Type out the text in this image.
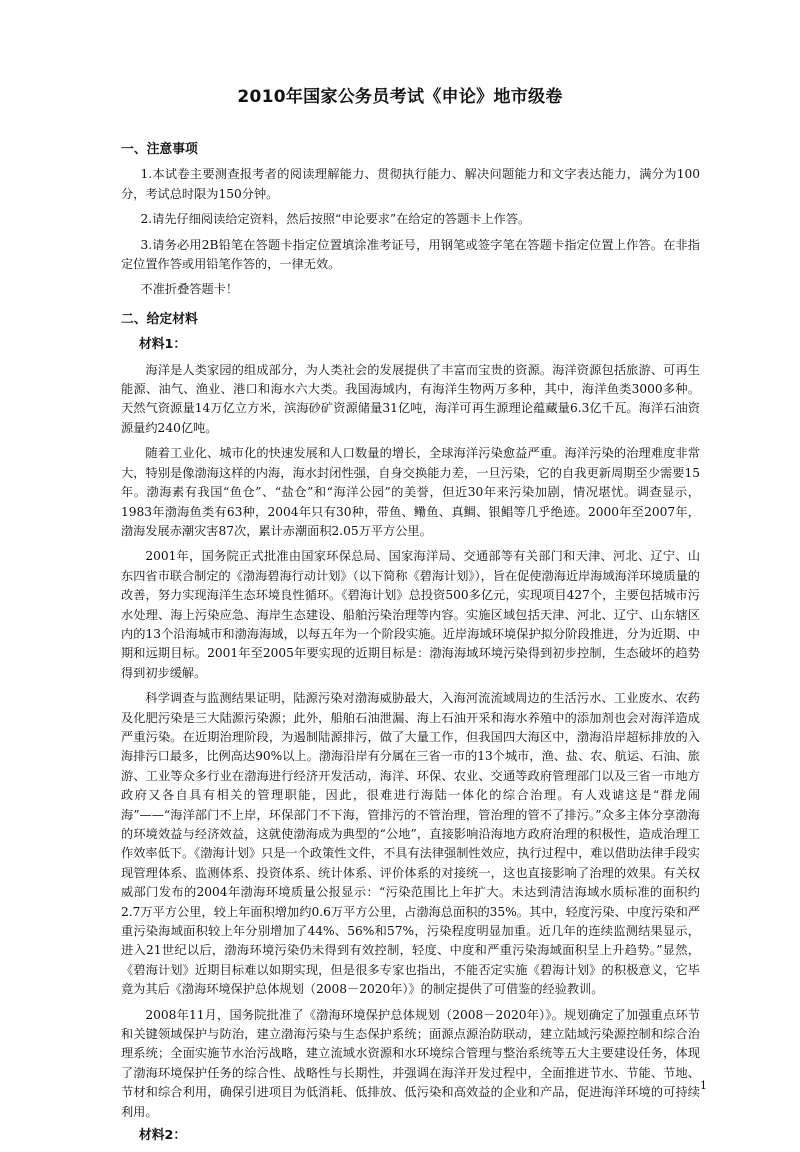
2010年国家公务员考试《申论》地市级卷
一、注意事项

1.本试卷主要测查报考者的阅读理解能力、贯彻执行能力、解决问题能力和文字表达能力，满分为100分，考试总时限为150分钟。

2.请先仔细阅读给定资料，然后按照“申论要求”在给定的答题卡上作答。

3.请务必用2B铅笔在答题卡指定位置填涂准考证号，用钢笔或签字笔在答题卡指定位置上作答。在非指定位置作答或用铅笔作答的，一律无效。

不准折叠答题卡！

二、给定材料
材料1：

海洋是人类家园的组成部分，为人类社会的发展提供了丰富而宝贵的资源。海洋资源包括旅游、可再生能源、油气、渔业、港口和海水六大类。我国海域内，有海洋生物两万多种，其中，海洋鱼类3000多种。天然气资源量14万亿立方米，滨海砂矿资源储量31亿吨，海洋可再生源理论蕴藏量6.3亿千瓦。海洋石油资源量约240亿吨。

随着工业化、城市化的快速发展和人口数量的增长，全球海洋污染愈益严重。海洋污染的治理难度非常大，特别是像渤海这样的内海，海水封闭性强，自身交换能力差，一旦污染，它的自我更新周期至少需要15年。渤海素有我国“鱼仓”、“盐仓”和“海洋公园”的美誉，但近30年来污染加剧，情况堪忧。调查显示，1983年渤海鱼类有63种，2004年只有30种，带鱼、鳓鱼、真鲷、银鲳等几乎绝迹。2000年至2007年，渤海发展赤潮灾害87次，累计赤潮面积2.05万平方公里。

2001年，国务院正式批准由国家环保总局、国家海洋局、交通部等有关部门和天津、河北、辽宁、山东四省市联合制定的《渤海碧海行动计划》（以下简称《碧海计划》），旨在促使渤海近岸海域海洋环境质量的改善，努力实现海洋生态环境良性循环。《碧海计划》总投资500多亿元，实现项目427个，主要包括城市污水处理、海上污染应急、海岸生态建设、船舶污染治理等内容。实施区域包括天津、河北、辽宁、山东辖区内的13个沿海城市和渤海海域，以每五年为一个阶段实施。近岸海域环境保护拟分阶段推进，分为近期、中期和远期目标。2001年至2005年要实现的近期目标是：渤海海域环境污染得到初步控制，生态破坏的趋势得到初步缓解。

科学调查与监测结果证明，陆源污染对渤海威胁最大，入海河流流域周边的生活污水、工业废水、农药及化肥污染是三大陆源污染源；此外，船舶石油泄漏、海上石油开采和海水养殖中的添加剂也会对海洋造成严重污染。在近期治理阶段，为遏制陆源排污，做了大量工作，但我国四大海区中，渤海沿岸超标排放的入海排污口最多，比例高达90%以上。渤海沿岸有分属在三省一市的13个城市，渔、盐、农、航运、石油、旅游、工业等众多行业在渤海进行经济开发活动，海洋、环保、农业、交通等政府管理部门以及三省一市地方政府又各自具有相关的管理职能，因此，很难进行海陆一体化的综合治理。有人戏谑这是“群龙闹海”——“海洋部门不上岸，环保部门不下海，管排污的不管治理，管治理的管不了排污。”众多主体分享渤海的环境效益与经济效益，这就使渤海成为典型的“公地”，直接影响沿海地方政府治理的积极性，造成治理工作效率低下。《渤海计划》只是一个政策性文件，不具有法律强制性效应，执行过程中，难以借助法律手段实现管理体系、监测体系、投资体系、统计体系、评价体系的对接统一，这也直接影响了治理的效果。有关权威部门发布的2004年渤海环境质量公报显示：“污染范围比上年扩大。未达到清洁海域水质标准的面积约2.7万平方公里，较上年面积增加约0.6万平方公里，占渤海总面积的35%。其中，轻度污染、中度污染和严重污染海域面积较上年分别增加了44%、56%和57%，污染程度明显加重。近几年的连续监测结果显示，进入21世纪以后，渤海环境污染仍未得到有效控制，轻度、中度和严重污染海域面积呈上升趋势。”显然，《碧海计划》近期目标难以如期实现，但是很多专家也指出，不能否定实施《碧海计划》的积极意义，它毕竟为其后《渤海环境保护总体规划（2008－2020年）》的制定提供了可借鉴的经验教训。

2008年11月，国务院批准了《渤海环境保护总体规划（2008－2020年）》。规划确定了加强重点环节和关键领域保护与防治，建立渤海污染与生态保护系统；面源点源治防联动，建立陆域污染源控制和综合治理系统；全面实施节水治污战略，建立流域水资源和水环境综合管理与整治系统等五大主要建设任务，体现了渤海环境保护任务的综合性、战略性与长期性，并强调在海洋开发过程中，全面推进节水、节能、节地、节材和综合利用，确保引进项目为低消耗、低排放、低污染和高效益的企业和产品，促进海洋环境的可持续利用。

材料2：
1
